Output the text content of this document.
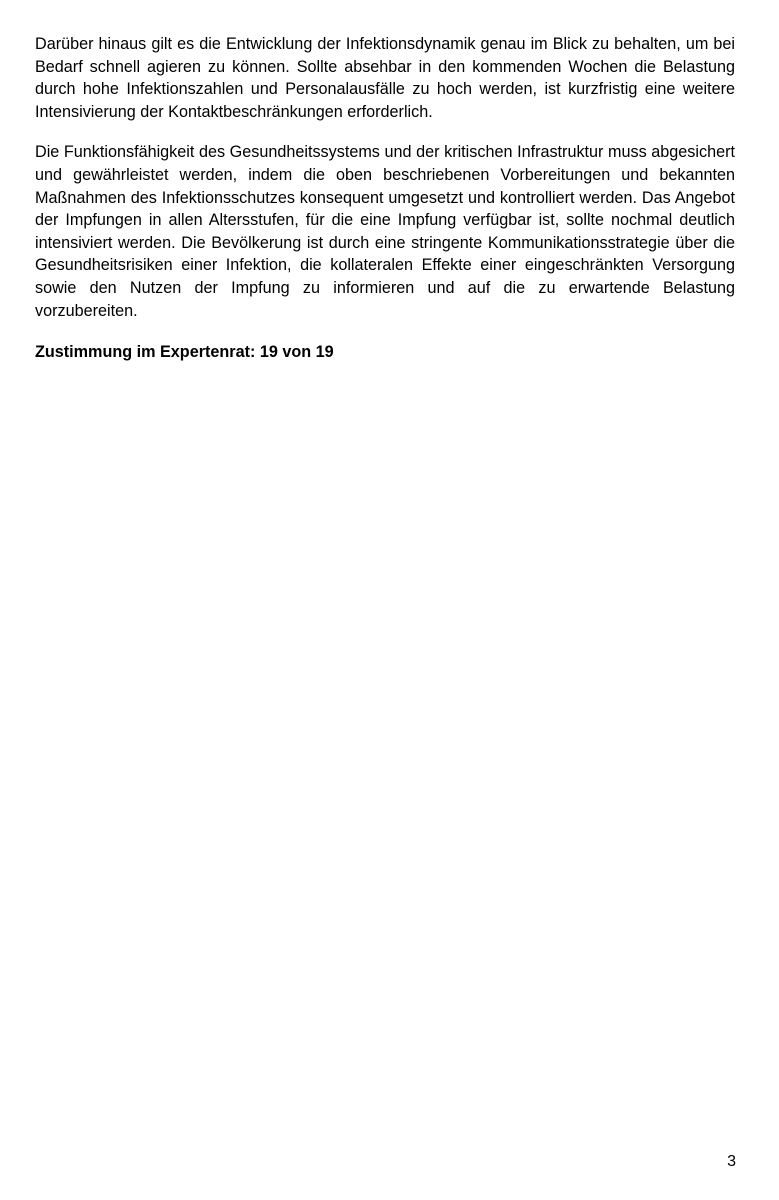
Darüber hinaus gilt es die Entwicklung der Infektionsdynamik genau im Blick zu behalten, um bei Bedarf schnell agieren zu können. Sollte absehbar in den kommenden Wochen die Belastung durch hohe Infektionszahlen und Personalausfälle zu hoch werden, ist kurzfristig eine weitere Intensivierung der Kontaktbeschränkungen erforderlich.

Die Funktionsfähigkeit des Gesundheitssystems und der kritischen Infrastruktur muss abgesichert und gewährleistet werden, indem die oben beschriebenen Vorbereitungen und bekannten Maßnahmen des Infektionsschutzes konsequent umgesetzt und kontrolliert werden. Das Angebot der Impfungen in allen Altersstufen, für die eine Impfung verfügbar ist, sollte nochmal deutlich intensiviert werden. Die Bevölkerung ist durch eine stringente Kommunikationsstrategie über die Gesundheitsrisiken einer Infektion, die kollateralen Effekte einer eingeschränkten Versorgung sowie den Nutzen der Impfung zu informieren und auf die zu erwartende Belastung vorzubereiten.

Zustimmung im Expertenrat: 19 von 19

3
